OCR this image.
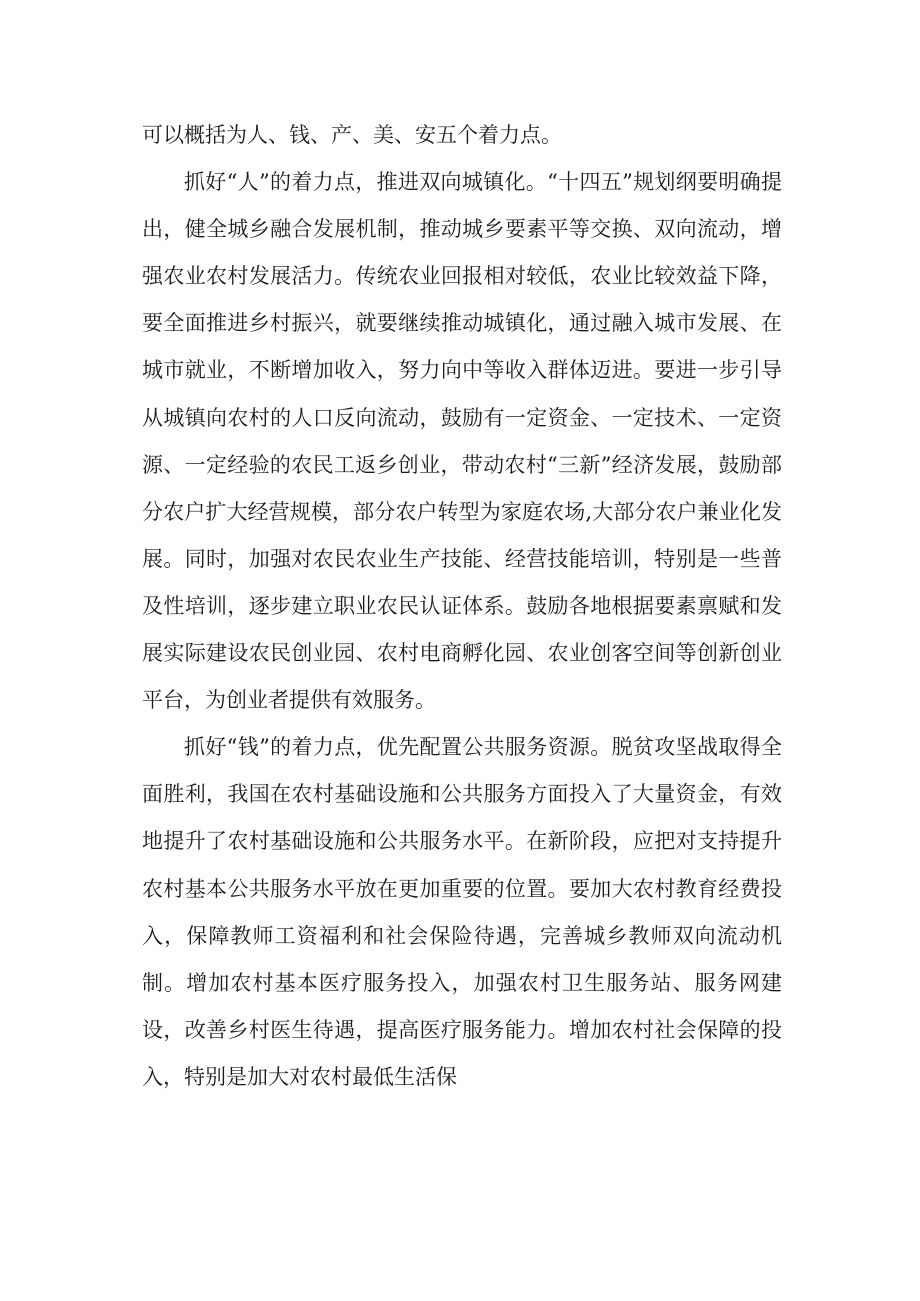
可以概括为人、钱、产、美、安五个着力点。

抓好“人”的着力点，推进双向城镇化。“十四五”规划纲要明确提出，健全城乡融合发展机制，推动城乡要素平等交换、双向流动，增强农业农村发展活力。传统农业回报相对较低，农业比较效益下降，要全面推进乡村振兴，就要继续推动城镇化，通过融入城市发展、在城市就业，不断增加收入，努力向中等收入群体迈进。要进一步引导从城镇向农村的人口反向流动，鼓励有一定资金、一定技术、一定资源、一定经验的农民工返乡创业，带动农村“三新”经济发展，鼓励部分农户扩大经营规模，部分农户转型为家庭农场,大部分农户兼业化发展。同时，加强对农民农业生产技能、经营技能培训，特别是一些普及性培训，逐步建立职业农民认证体系。鼓励各地根据要素禀赋和发展实际建设农民创业园、农村电商孵化园、农业创客空间等创新创业平台，为创业者提供有效服务。

抓好“钱”的着力点，优先配置公共服务资源。脱贫攻坚战取得全面胜利，我国在农村基础设施和公共服务方面投入了大量资金，有效地提升了农村基础设施和公共服务水平。在新阶段，应把对支持提升农村基本公共服务水平放在更加重要的位置。要加大农村教育经费投入，保障教师工资福利和社会保险待遇，完善城乡教师双向流动机制。增加农村基本医疗服务投入，加强农村卫生服务站、服务网建设，改善乡村医生待遇，提高医疗服务能力。增加农村社会保障的投入，特别是加大对农村最低生活保
